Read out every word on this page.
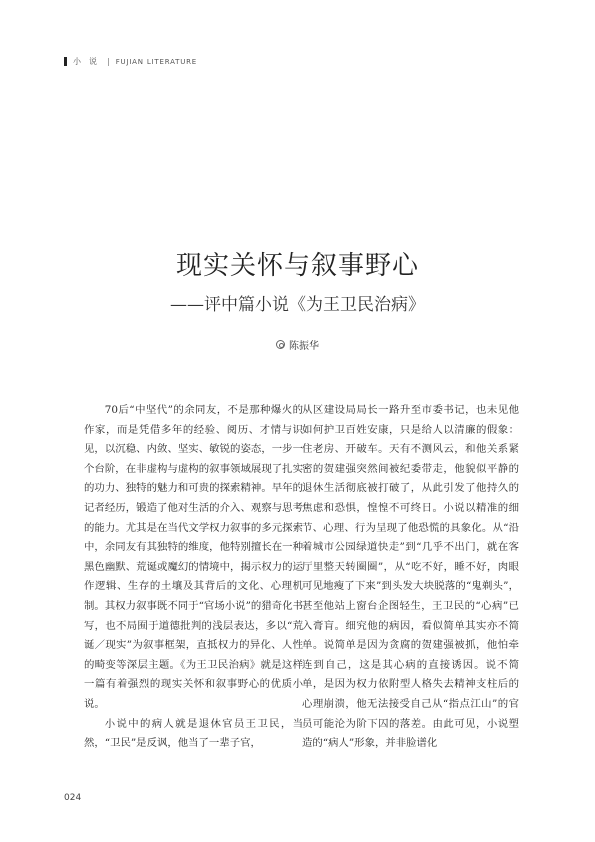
小　说 | FUJIAN LITERATURE
现实关怀与叙事野心
——评中篇小说《为王卫民治病》
陈振华

70后“中坚代”的余同友，不是那种爆火的作家，而是凭借多年的经验、阅历、才情与识见，以沉稳、内敛、坚实、敏锐的姿态，一步一个台阶，在非虚构与虚构的叙事领域展现了扎实的功力、独特的魅力和可贵的探索精神。早年的记者经历，锻造了他对生活的介入、观察与思考的能力。尤其是在当代文学权力叙事的多元探索中，余同友有其独特的维度，他特别擅长在一种黑色幽默、荒诞或魔幻的情境中，揭示权力的运作逻辑、生存的土壤及其背后的文化、心理机制。其权力叙事既不同于“官场小说”的猎奇化书写，也不局囿于道德批判的浅层表达，多以“荒诞／现实”为叙事框架，直抵权力的异化、人性的畸变等深层主题。《为王卫民治病》就是这样一篇有着强烈的现实关怀和叙事野心的优质小说。

小说中的病人就是退休官员王卫民，当然，“卫民”是反讽，他当了一辈子官，

从区建设局局长一路升至市委书记，也未见他如何护卫百姓安康，只是给人以清廉的假象：住老房、开破车。天有不测风云，和他关系紧密的贺建强突然间被纪委带走，他貌似平静的退休生活彻底被打破了，从此引发了他持久的焦虑和恐惧，惶惶不可终日。小说以精准的细节、心理、行为呈现了他恐慌的具象化。从“沿着城市公园绿道快走”到“几乎不出门，就在客厅里整天转圈圈”，从“吃不好，睡不好，肉眼可见地瘦了下来”到头发大块脱落的“鬼剃头”，甚至他站上窗台企图轻生，王卫民的“心病”已入膏肓。细究他的病因，看似简单其实亦不简单。说简单是因为贪腐的贺建强被抓，他怕牵连到自己，这是其心病的直接诱因。说不简单，是因为权力依附型人格失去精神支柱后的心理崩溃，他无法接受自己从“指点江山”的官员可能沦为阶下囚的落差。由此可见，小说塑造的“病人”形象，并非脸谱化

024
